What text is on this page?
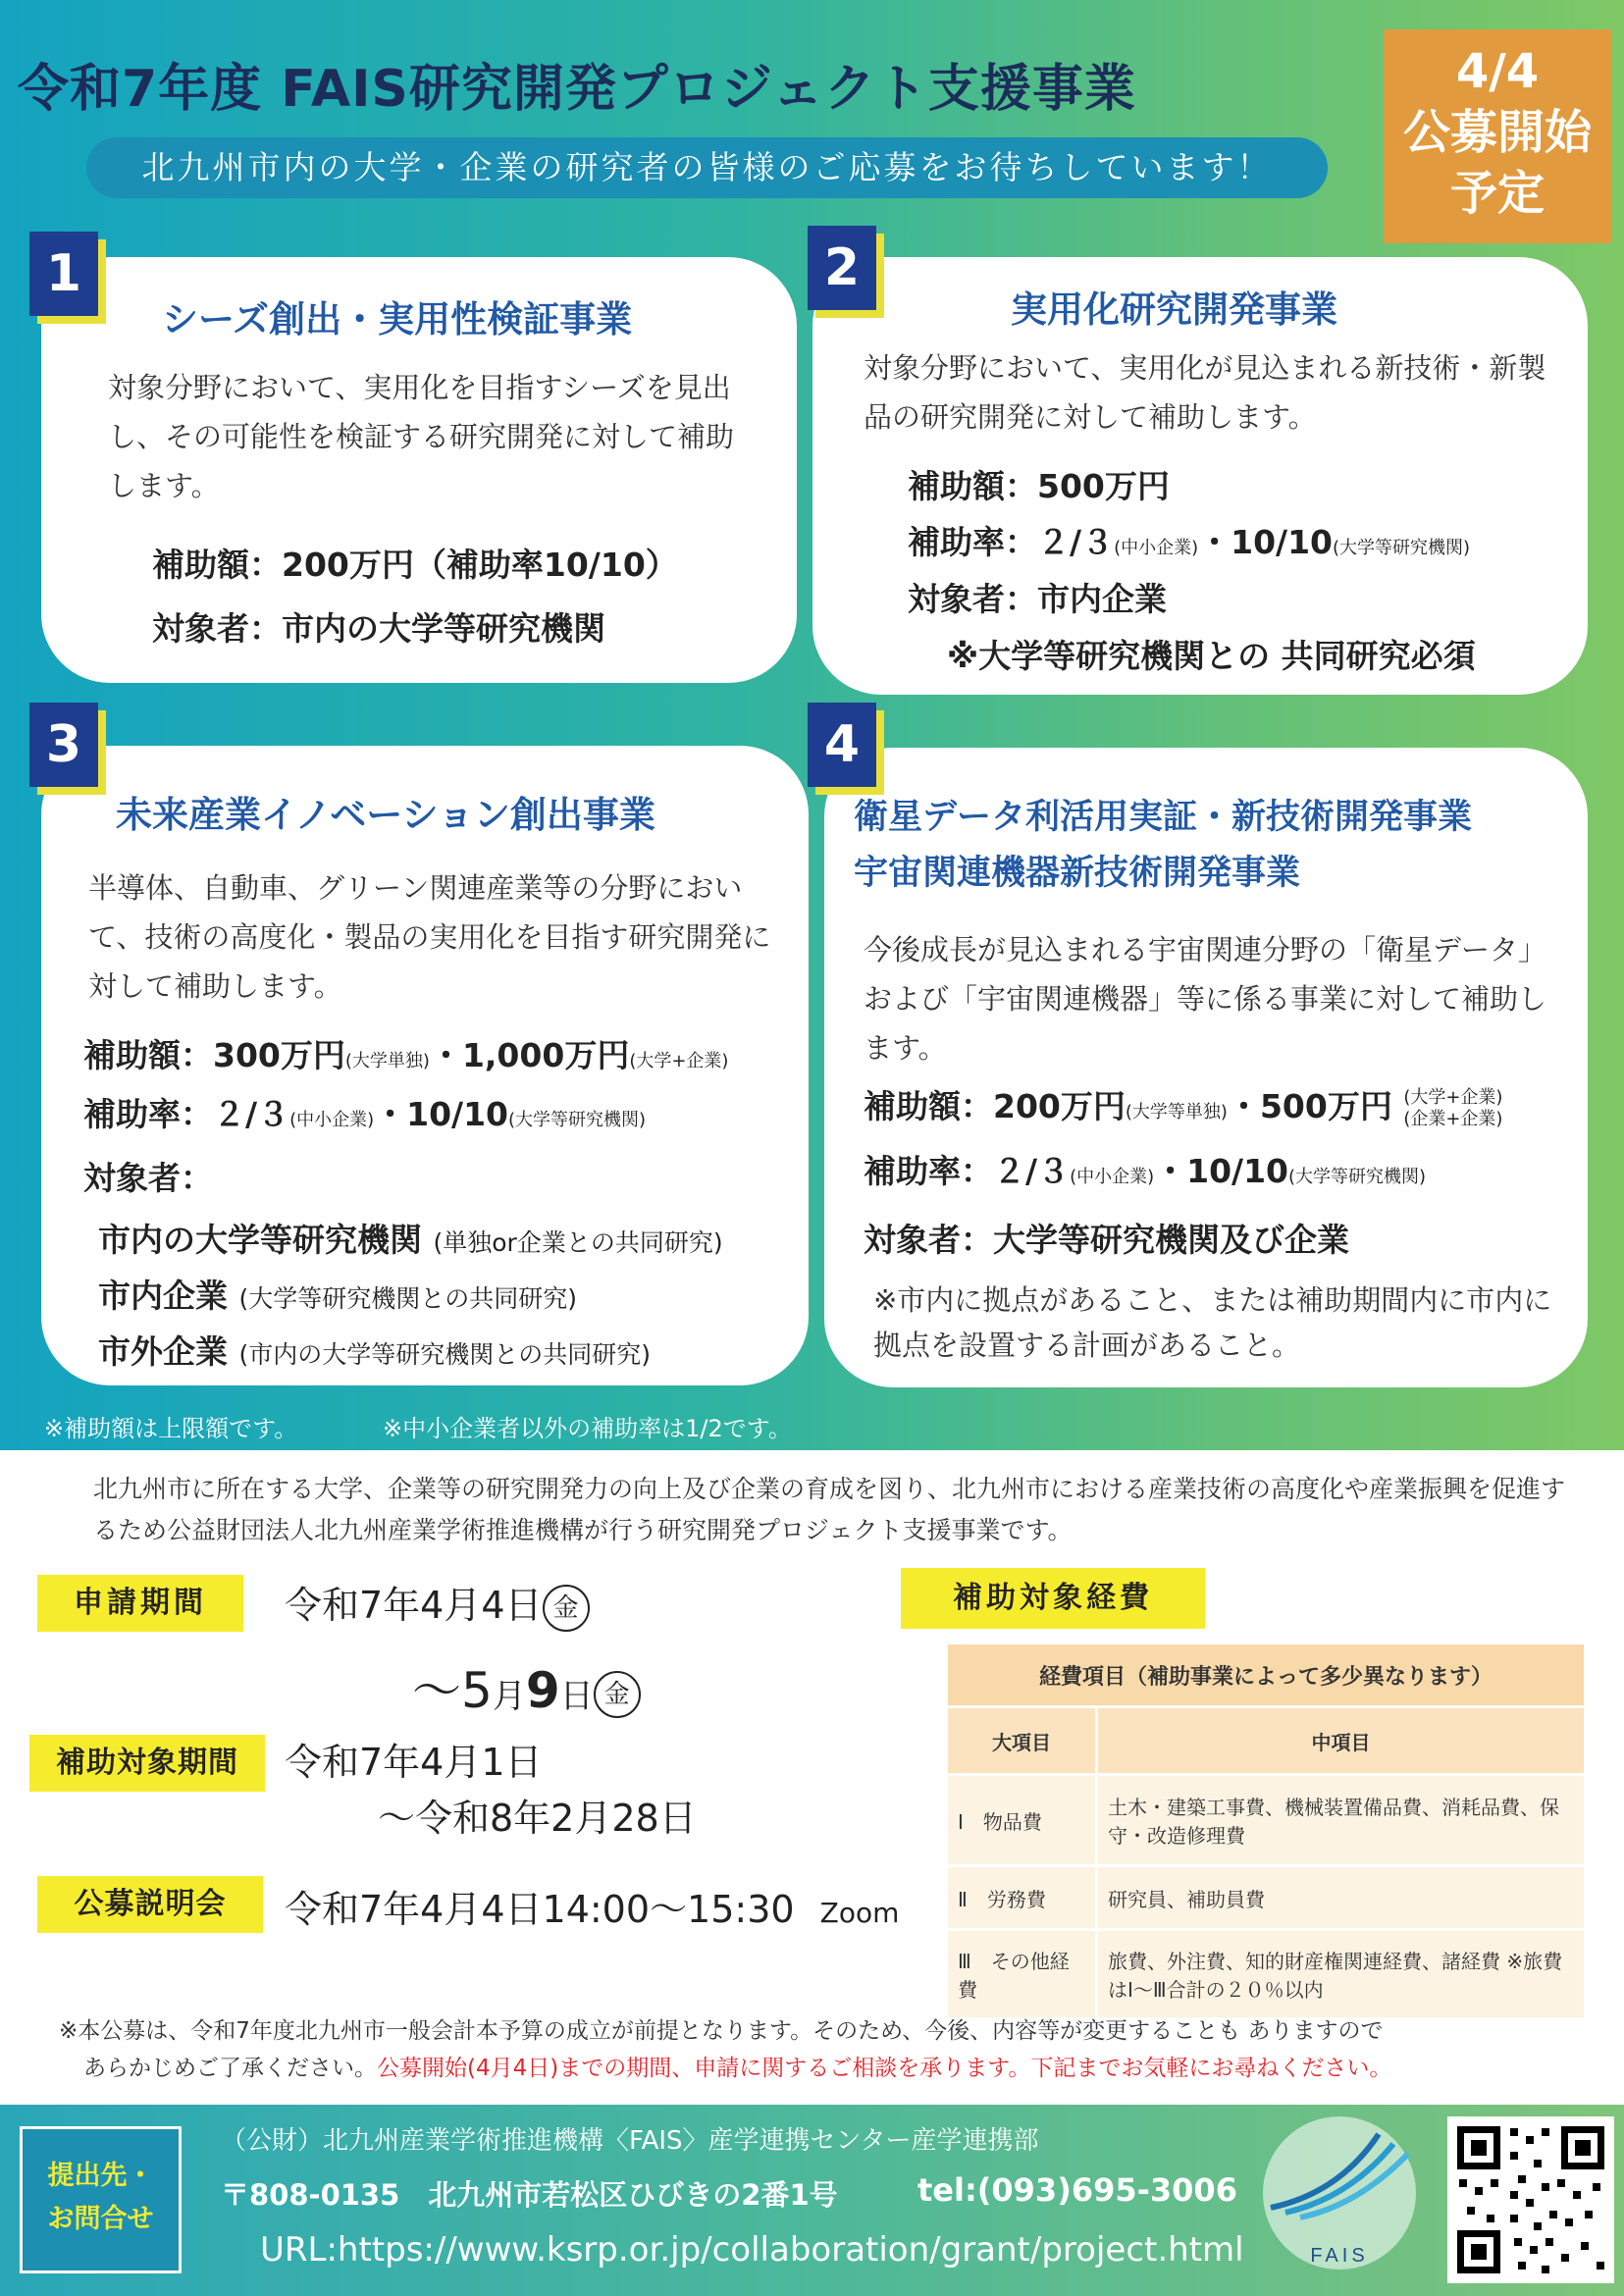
令和7年度 FAIS研究開発プロジェクト支援事業
北九州市内の大学・企業の研究者の皆様のご応募をお待ちしています！
4/4
公募開始
予定
1
シーズ創出・実用性検証事業
対象分野において、実用化を目指すシーズを見出し、その可能性を検証する研究開発に対して補助します。
補助額：200万円（補助率10/10）
対象者：市内の大学等研究機関
2
実用化研究開発事業
対象分野において、実用化が見込まれる新技術・新製品の研究開発に対して補助します。
補助額：500万円
補助率：２/３(中小企業)・10/10(大学等研究機関)
対象者：市内企業
※大学等研究機関との 共同研究必須
3
未来産業イノベーション創出事業
半導体、自動車、グリーン関連産業等の分野において、技術の高度化・製品の実用化を目指す研究開発に対して補助します。
補助額：300万円(大学単独)・1,000万円(大学+企業)
補助率：２/３(中小企業)・10/10(大学等研究機関)
対象者：
市内の大学等研究機関 (単独or企業との共同研究)
市内企業 (大学等研究機関との共同研究)
市外企業 (市内の大学等研究機関との共同研究)
4
衛星データ利活用実証・新技術開発事業
宇宙関連機器新技術開発事業
今後成長が見込まれる宇宙関連分野の「衛星データ」および「宇宙関連機器」等に係る事業に対して補助します。
補助額：200万円(大学等単独)・500万円 (大学+企業)
(企業+企業)
補助率：２/３(中小企業)・10/10(大学等研究機関)
対象者：大学等研究機関及び企業
※市内に拠点があること、または補助期間内に市内に拠点を設置する計画があること。
※補助額は上限額です。	※中小企業者以外の補助率は1/2です。
北九州市に所在する大学、企業等の研究開発力の向上及び企業の育成を図り、北九州市における産業技術の高度化や産業振興を促進するため公益財団法人北九州産業学術推進機構が行う研究開発プロジェクト支援事業です。
申請期間	令和7年4月4日 金
〜5月9日 金
補助対象期間	令和7年4月1日
〜令和8年2月28日
公募説明会	令和7年4月4日14:00〜15:30 Zoom
補助対象経費
経費項目（補助事業によって多少異なります）	
大項目	中項目
Ⅰ　物品費	土木・建築工事費、機械装置備品費、消耗品費、保守・改造修理費
Ⅱ　労務費	研究員、補助員費
Ⅲ　その他経費	旅費、外注費、知的財産権関連経費、諸経費 ※旅費はⅠ〜Ⅲ合計の２０％以内
※本公募は、令和7年度北九州市一般会計本予算の成立が前提となります。そのため、今後、内容等が変更することも ありますので
あらかじめご了承ください。公募開始(4月4日)までの期間、申請に関するご相談を承ります。下記までお気軽にお尋ねください。
提出先・
お問合せ
（公財）北九州産業学術推進機構〈FAIS〉産学連携センター産学連携部
〒808-0135　北九州市若松区ひびきの2番1号	tel:(093)695-3006
URL:https://www.ksrp.or.jp/collaboration/grant/project.html	FAIS
